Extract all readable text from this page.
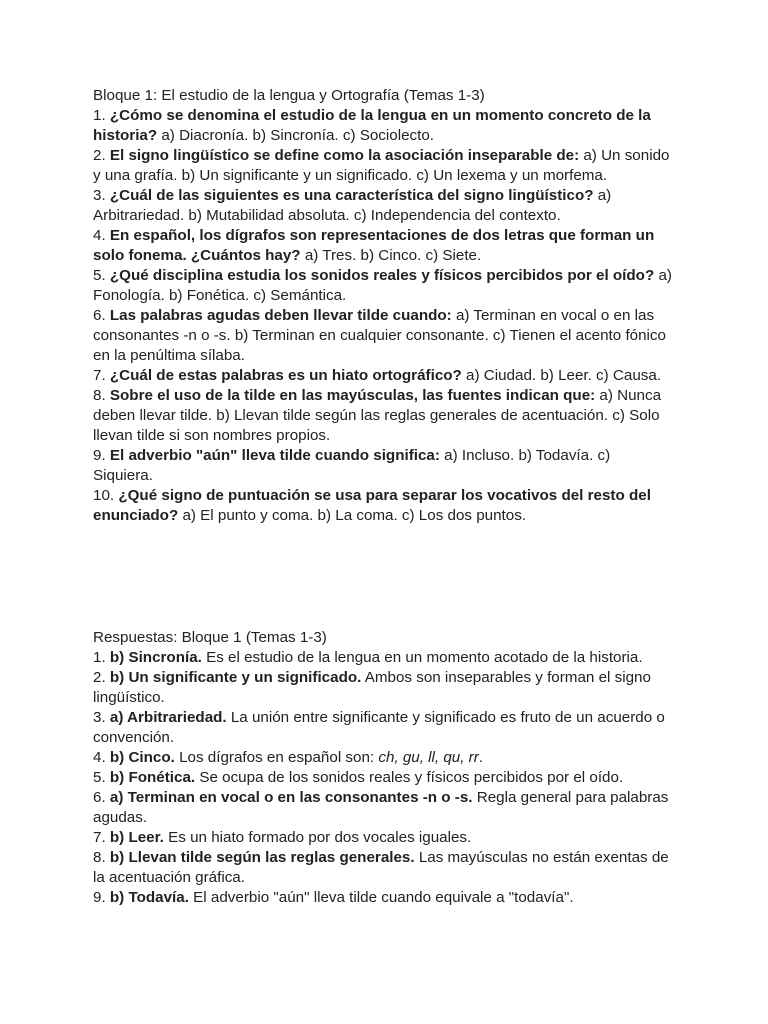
Bloque 1: El estudio de la lengua y Ortografía (Temas 1-3)

1. ¿Cómo se denomina el estudio de la lengua en un momento concreto de la historia? a) Diacronía. b) Sincronía. c) Sociolecto.

2. El signo lingüístico se define como la asociación inseparable de: a) Un sonido y una grafía. b) Un significante y un significado. c) Un lexema y un morfema.

3. ¿Cuál de las siguientes es una característica del signo lingüístico? a) Arbitrariedad. b) Mutabilidad absoluta. c) Independencia del contexto.

4. En español, los dígrafos son representaciones de dos letras que forman un solo fonema. ¿Cuántos hay? a) Tres. b) Cinco. c) Siete.

5. ¿Qué disciplina estudia los sonidos reales y físicos percibidos por el oído? a) Fonología. b) Fonética. c) Semántica.

6. Las palabras agudas deben llevar tilde cuando: a) Terminan en vocal o en las consonantes -n o -s. b) Terminan en cualquier consonante. c) Tienen el acento fónico en la penúltima sílaba.

7. ¿Cuál de estas palabras es un hiato ortográfico? a) Ciudad. b) Leer. c) Causa.

8. Sobre el uso de la tilde en las mayúsculas, las fuentes indican que: a) Nunca deben llevar tilde. b) Llevan tilde según las reglas generales de acentuación. c) Solo llevan tilde si son nombres propios.

9. El adverbio "aún" lleva tilde cuando significa: a) Incluso. b) Todavía. c) Siquiera.

10. ¿Qué signo de puntuación se usa para separar los vocativos del resto del enunciado? a) El punto y coma. b) La coma. c) Los dos puntos.

Respuestas: Bloque 1 (Temas 1-3)

1. b) Sincronía. Es el estudio de la lengua en un momento acotado de la historia.

2. b) Un significante y un significado. Ambos son inseparables y forman el signo lingüístico.

3. a) Arbitrariedad. La unión entre significante y significado es fruto de un acuerdo o convención.

4. b) Cinco. Los dígrafos en español son: ch, gu, ll, qu, rr.

5. b) Fonética. Se ocupa de los sonidos reales y físicos percibidos por el oído.

6. a) Terminan en vocal o en las consonantes -n o -s. Regla general para palabras agudas.

7. b) Leer. Es un hiato formado por dos vocales iguales.

8. b) Llevan tilde según las reglas generales. Las mayúsculas no están exentas de la acentuación gráfica.

9. b) Todavía. El adverbio "aún" lleva tilde cuando equivale a "todavía".
